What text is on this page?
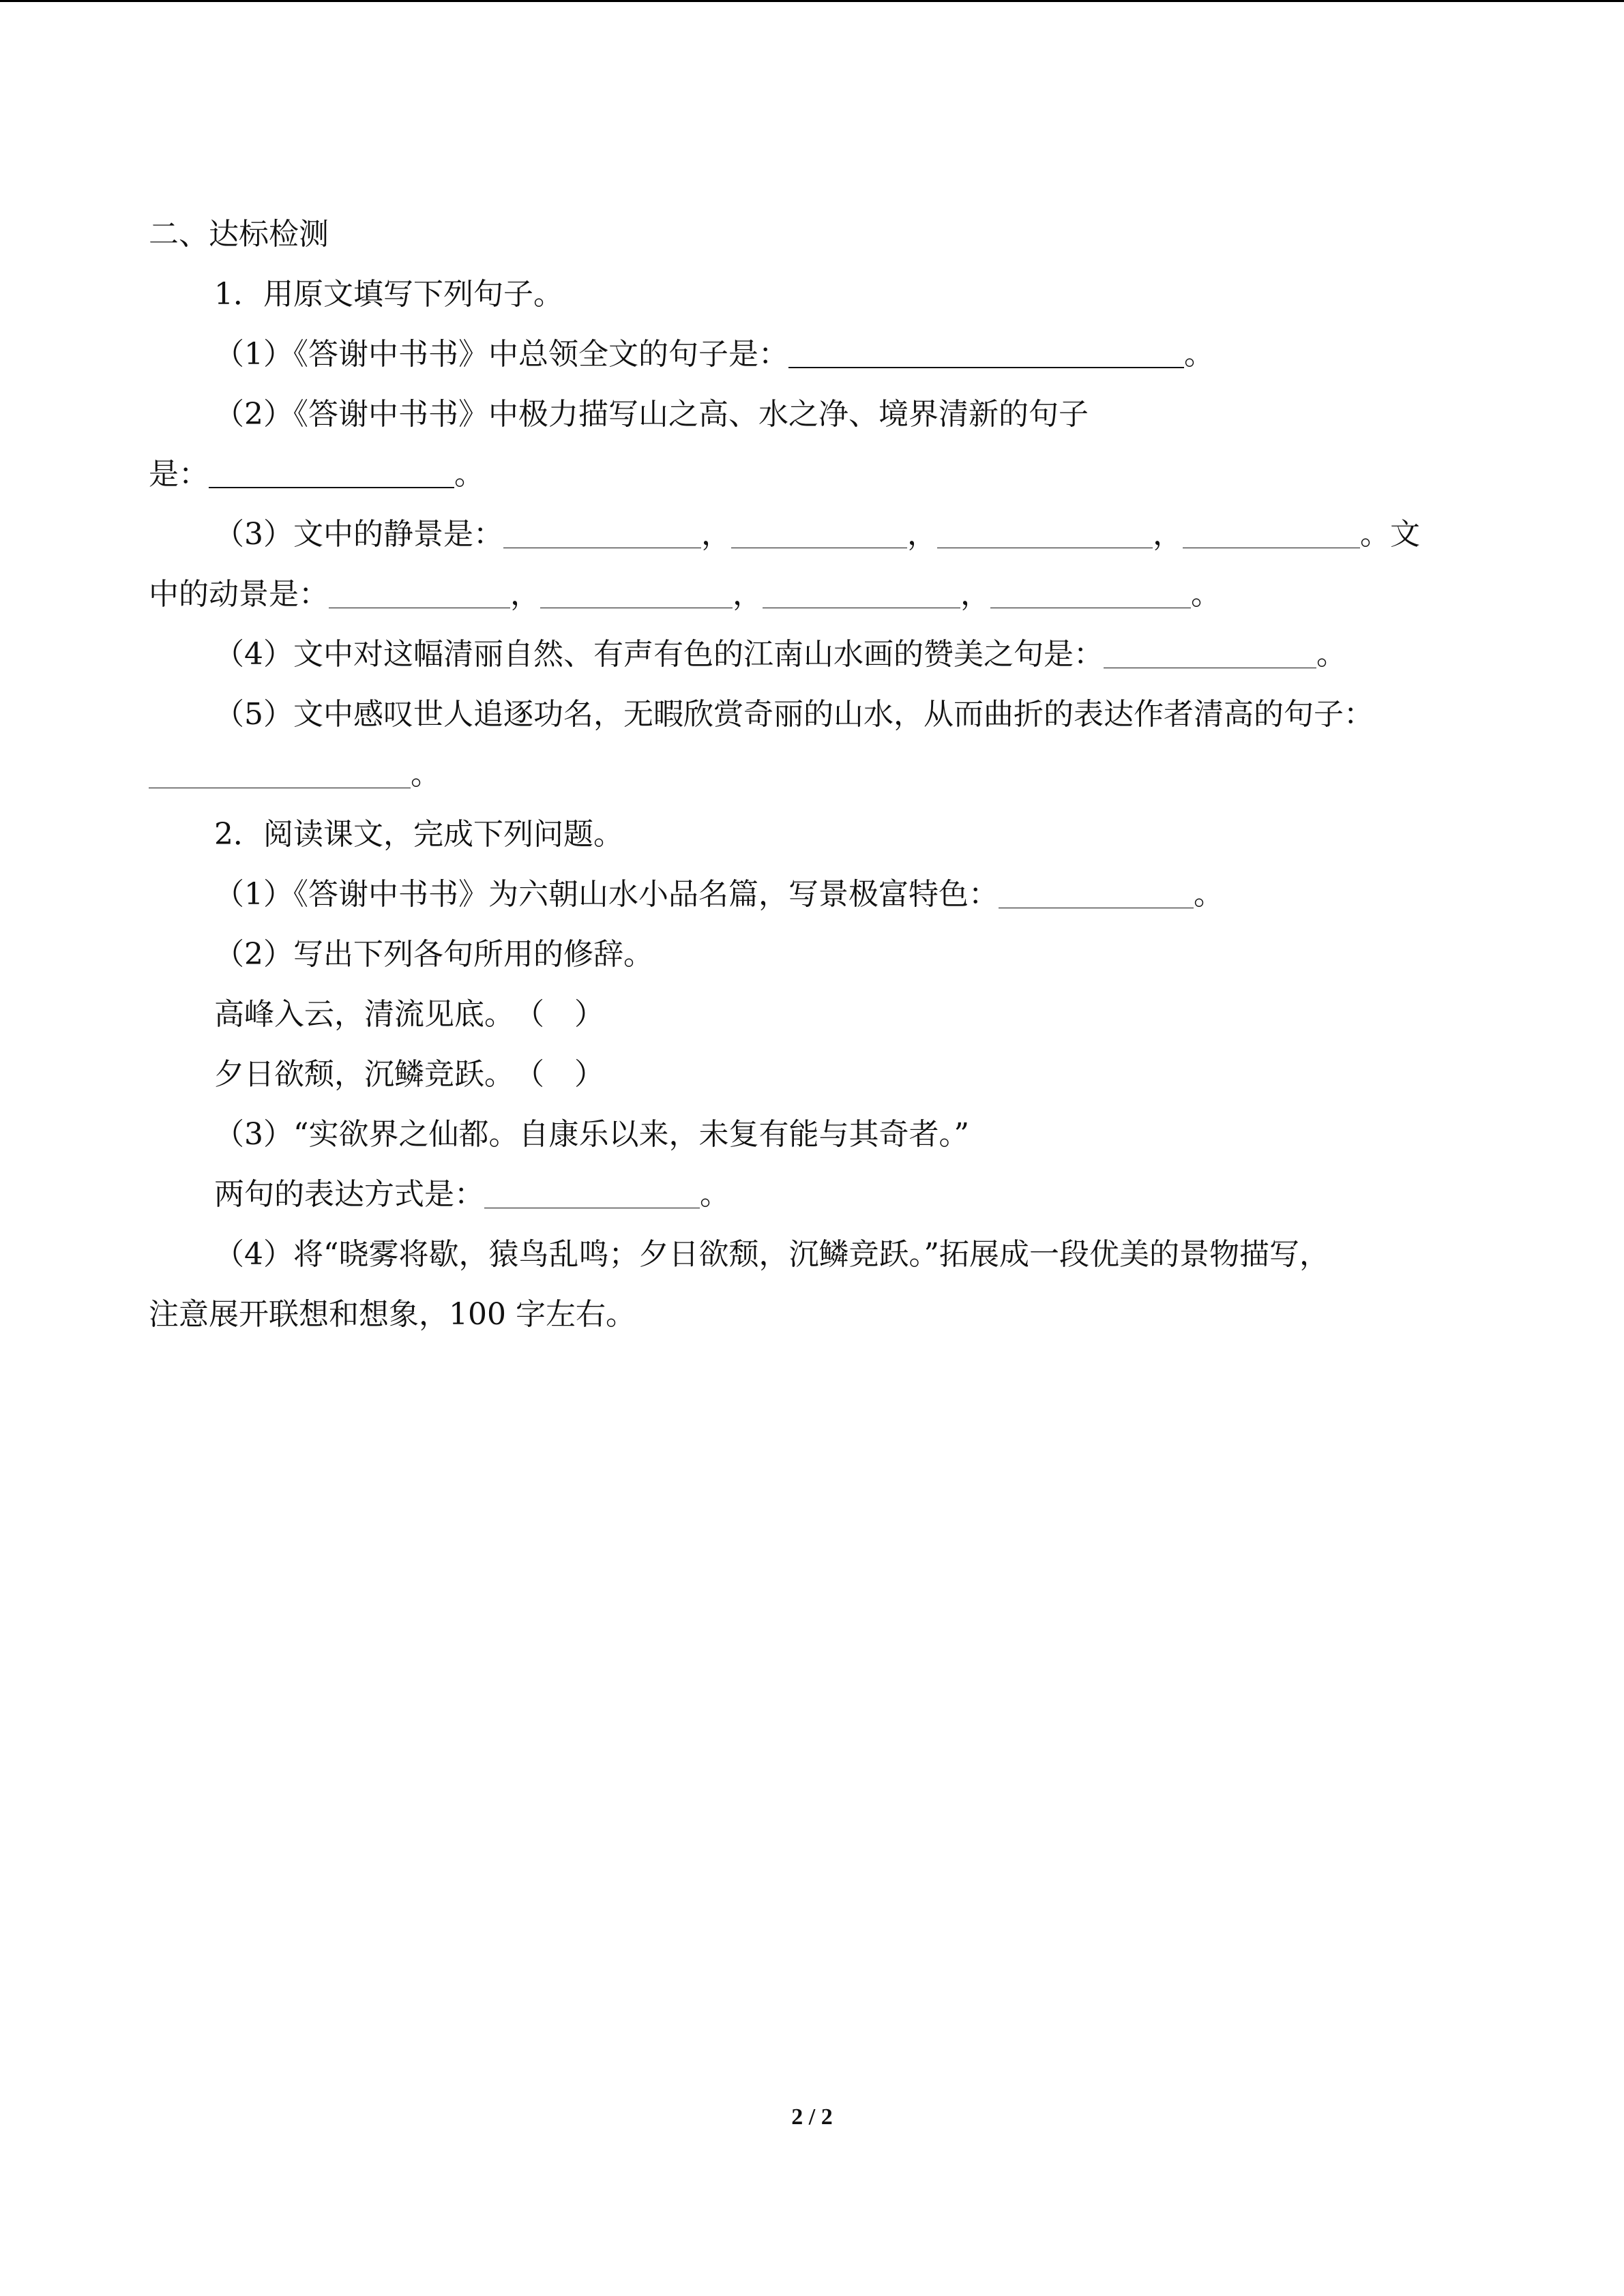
二、达标检测
1．用原文填写下列句子。
（1）《答谢中书书》中总领全文的句子是：	。
（2）《答谢中书书》中极力描写山之高、水之净、境界清新的句子
是：	。
（3）文中的静景是：	，	，	，	。文
中的动景是：	，	，	，	。
（4）文中对这幅清丽自然、有声有色的江南山水画的赞美之句是：	。
（5）文中感叹世人追逐功名，无暇欣赏奇丽的山水，从而曲折的表达作者清高的句子：
。
2．阅读课文，完成下列问题。
（1）《答谢中书书》为六朝山水小品名篇，写景极富特色：	。
（2）写出下列各句所用的修辞。
高峰入云，清流见底。（　）
夕日欲颓，沉鳞竞跃。（　）
（3）“实欲界之仙都。自康乐以来，未复有能与其奇者。”
两句的表达方式是：	。
（4）将“晓雾将歇，猿鸟乱鸣；夕日欲颓，沉鳞竞跃。”拓展成一段优美的景物描写，
注意展开联想和想象，100 字左右。
2 / 2
